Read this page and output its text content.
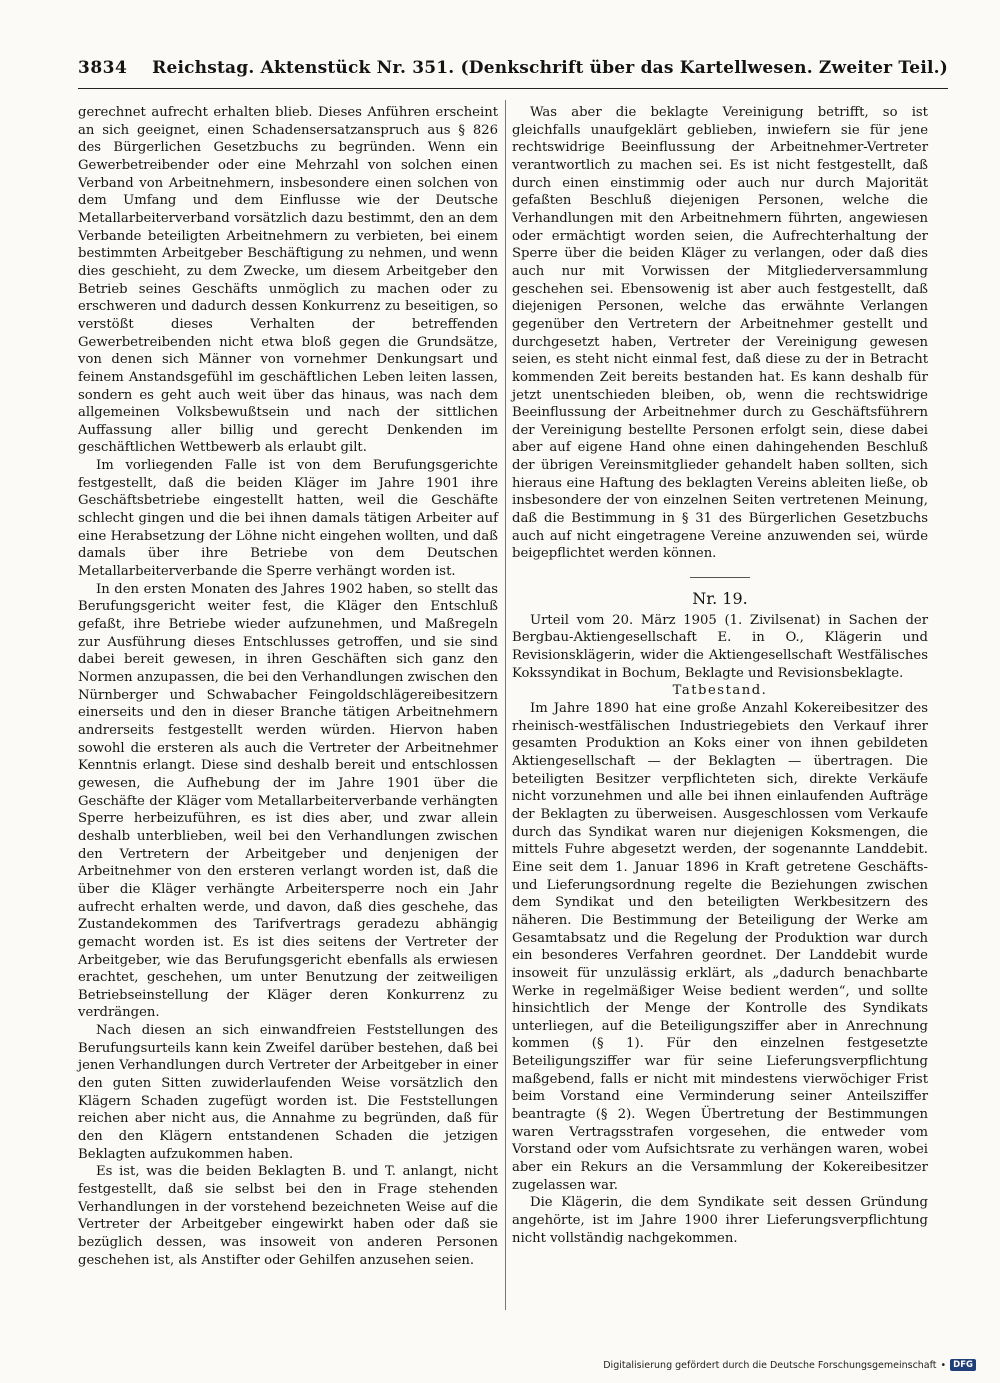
3834 Reichstag. Aktenstück Nr. 351. (Denkschrift über das Kartellwesen. Zweiter Teil.)

gerechnet aufrecht erhalten blieb. Dieses Anführen erscheint an sich geeignet, einen Schadensersatzanspruch aus § 826 des Bürgerlichen Gesetzbuchs zu begründen. Wenn ein Gewerbetreibender oder eine Mehrzahl von solchen einen Verband von Arbeitnehmern, insbesondere einen solchen von dem Umfang und dem Einflusse wie der Deutsche Metallarbeiterverband vorsätzlich dazu bestimmt, den an dem Verbande beteiligten Arbeitnehmern zu verbieten, bei einem bestimmten Arbeitgeber Beschäftigung zu nehmen, und wenn dies geschieht, zu dem Zwecke, um diesem Arbeitgeber den Betrieb seines Geschäfts unmöglich zu machen oder zu erschweren und dadurch dessen Konkurrenz zu beseitigen, so verstößt dieses Verhalten der betreffenden Gewerbetreibenden nicht etwa bloß gegen die Grundsätze, von denen sich Männer von vornehmer Denkungsart und feinem Anstandsgefühl im geschäftlichen Leben leiten lassen, sondern es geht auch weit über das hinaus, was nach dem allgemeinen Volksbewußtsein und nach der sittlichen Auffassung aller billig und gerecht Denkenden im geschäftlichen Wettbewerb als erlaubt gilt.

Im vorliegenden Falle ist von dem Berufungsgerichte festgestellt, daß die beiden Kläger im Jahre 1901 ihre Geschäftsbetriebe eingestellt hatten, weil die Geschäfte schlecht gingen und die bei ihnen damals tätigen Arbeiter auf eine Herabsetzung der Löhne nicht eingehen wollten, und daß damals über ihre Betriebe von dem Deutschen Metallarbeiterverbande die Sperre verhängt worden ist.

In den ersten Monaten des Jahres 1902 haben, so stellt das Berufungsgericht weiter fest, die Kläger den Entschluß gefaßt, ihre Betriebe wieder aufzunehmen, und Maßregeln zur Ausführung dieses Entschlusses getroffen, und sie sind dabei bereit gewesen, in ihren Geschäften sich ganz den Normen anzupassen, die bei den Verhandlungen zwischen den Nürnberger und Schwabacher Feingoldschlägereibesitzern einerseits und den in dieser Branche tätigen Arbeitnehmern andrerseits festgestellt werden würden. Hiervon haben sowohl die ersteren als auch die Vertreter der Arbeitnehmer Kenntnis erlangt. Diese sind deshalb bereit und entschlossen gewesen, die Aufhebung der im Jahre 1901 über die Geschäfte der Kläger vom Metallarbeiterverbande verhängten Sperre herbeizuführen, es ist dies aber, und zwar allein deshalb unterblieben, weil bei den Verhandlungen zwischen den Vertretern der Arbeitgeber und denjenigen der Arbeitnehmer von den ersteren verlangt worden ist, daß die über die Kläger verhängte Arbeitersperre noch ein Jahr aufrecht erhalten werde, und davon, daß dies geschehe, das Zustandekommen des Tarifvertrags geradezu abhängig gemacht worden ist. Es ist dies seitens der Vertreter der Arbeitgeber, wie das Berufungsgericht ebenfalls als erwiesen erachtet, geschehen, um unter Benutzung der zeitweiligen Betriebseinstellung der Kläger deren Konkurrenz zu verdrängen.

Nach diesen an sich einwandfreien Feststellungen des Berufungsurteils kann kein Zweifel darüber bestehen, daß bei jenen Verhandlungen durch Vertreter der Arbeitgeber in einer den guten Sitten zuwiderlaufenden Weise vorsätzlich den Klägern Schaden zugefügt worden ist. Die Feststellungen reichen aber nicht aus, die Annahme zu begründen, daß für den den Klägern entstandenen Schaden die jetzigen Beklagten aufzukommen haben.

Es ist, was die beiden Beklagten B. und T. anlangt, nicht festgestellt, daß sie selbst bei den in Frage stehenden Verhandlungen in der vorstehend bezeichneten Weise auf die Vertreter der Arbeitgeber eingewirkt haben oder daß sie bezüglich dessen, was insoweit von anderen Personen geschehen ist, als Anstifter oder Gehilfen anzusehen seien.

Was aber die beklagte Vereinigung betrifft, so ist gleichfalls unaufgeklärt geblieben, inwiefern sie für jene rechtswidrige Beeinflussung der Arbeitnehmer-Vertreter verantwortlich zu machen sei. Es ist nicht festgestellt, daß durch einen einstimmig oder auch nur durch Majorität gefaßten Beschluß diejenigen Personen, welche die Verhandlungen mit den Arbeitnehmern führten, angewiesen oder ermächtigt worden seien, die Aufrechterhaltung der Sperre über die beiden Kläger zu verlangen, oder daß dies auch nur mit Vorwissen der Mitgliederversammlung geschehen sei. Ebensowenig ist aber auch festgestellt, daß diejenigen Personen, welche das erwähnte Verlangen gegenüber den Vertretern der Arbeitnehmer gestellt und durchgesetzt haben, Vertreter der Vereinigung gewesen seien, es steht nicht einmal fest, daß diese zu der in Betracht kommenden Zeit bereits bestanden hat. Es kann deshalb für jetzt unentschieden bleiben, ob, wenn die rechtswidrige Beeinflussung der Arbeitnehmer durch zu Geschäftsführern der Vereinigung bestellte Personen erfolgt sein, diese dabei aber auf eigene Hand ohne einen dahingehenden Beschluß der übrigen Vereinsmitglieder gehandelt haben sollten, sich hieraus eine Haftung des beklagten Vereins ableiten ließe, ob insbesondere der von einzelnen Seiten vertretenen Meinung, daß die Bestimmung in § 31 des Bürgerlichen Gesetzbuchs auch auf nicht eingetragene Vereine anzuwenden sei, würde beigepflichtet werden können.

Nr. 19.

Urteil vom 20. März 1905 (1. Zivilsenat) in Sachen der Bergbau-Aktiengesellschaft E. in O., Klägerin und Revisionsklägerin, wider die Aktiengesellschaft Westfälisches Kokssyndikat in Bochum, Beklagte und Revisionsbeklagte.

Tatbestand.

Im Jahre 1890 hat eine große Anzahl Kokereibesitzer des rheinisch-westfälischen Industriegebiets den Verkauf ihrer gesamten Produktion an Koks einer von ihnen gebildeten Aktiengesellschaft — der Beklagten — übertragen. Die beteiligten Besitzer verpflichteten sich, direkte Verkäufe nicht vorzunehmen und alle bei ihnen einlaufenden Aufträge der Beklagten zu überweisen. Ausgeschlossen vom Verkaufe durch das Syndikat waren nur diejenigen Koksmengen, die mittels Fuhre abgesetzt werden, der sogenannte Landdebit. Eine seit dem 1. Januar 1896 in Kraft getretene Geschäfts- und Lieferungsordnung regelte die Beziehungen zwischen dem Syndikat und den beteiligten Werkbesitzern des näheren. Die Bestimmung der Beteiligung der Werke am Gesamtabsatz und die Regelung der Produktion war durch ein besonderes Verfahren geordnet. Der Landdebit wurde insoweit für unzulässig erklärt, als „dadurch benachbarte Werke in regelmäßiger Weise bedient werden“, und sollte hinsichtlich der Menge der Kontrolle des Syndikats unterliegen, auf die Beteiligungsziffer aber in Anrechnung kommen (§ 1). Für den einzelnen festgesetzte Beteiligungsziffer war für seine Lieferungsverpflichtung maßgebend, falls er nicht mit mindestens vierwöchiger Frist beim Vorstand eine Verminderung seiner Anteilsziffer beantragte (§ 2). Wegen Übertretung der Bestimmungen waren Vertragsstrafen vorgesehen, die entweder vom Vorstand oder vom Aufsichtsrate zu verhängen waren, wobei aber ein Rekurs an die Versammlung der Kokereibesitzer zugelassen war.

Die Klägerin, die dem Syndikate seit dessen Gründung angehörte, ist im Jahre 1900 ihrer Lieferungsverpflichtung nicht vollständig nachgekommen.

Digitalisierung gefördert durch die Deutsche Forschungsgemeinschaft • DFG
